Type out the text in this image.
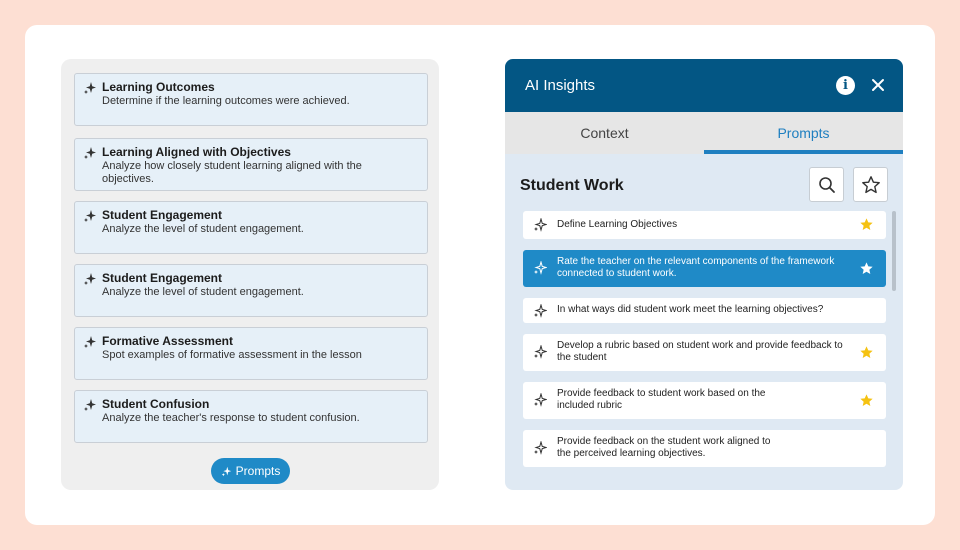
Learning Outcomes
Determine if the learning outcomes were achieved.
Learning Aligned with Objectives
Analyze how closely student learning aligned with the objectives.
Student Engagement
Analyze the level of student engagement.
Student Engagement
Analyze the level of student engagement.
Formative Assessment
Spot examples of formative assessment in the lesson
Student Confusion
Analyze the teacher's response to student confusion.
Prompts
AI Insights	i
Context	Prompts
Student Work
Define Learning Objectives
Rate the teacher on the relevant components of the framework connected to student work.
In what ways did student work meet the learning objectives?
Develop a rubric based on student work and provide feedback to the student
Provide feedback to student work based on the included rubric
Provide feedback on the student work aligned to the perceived learning objectives.
